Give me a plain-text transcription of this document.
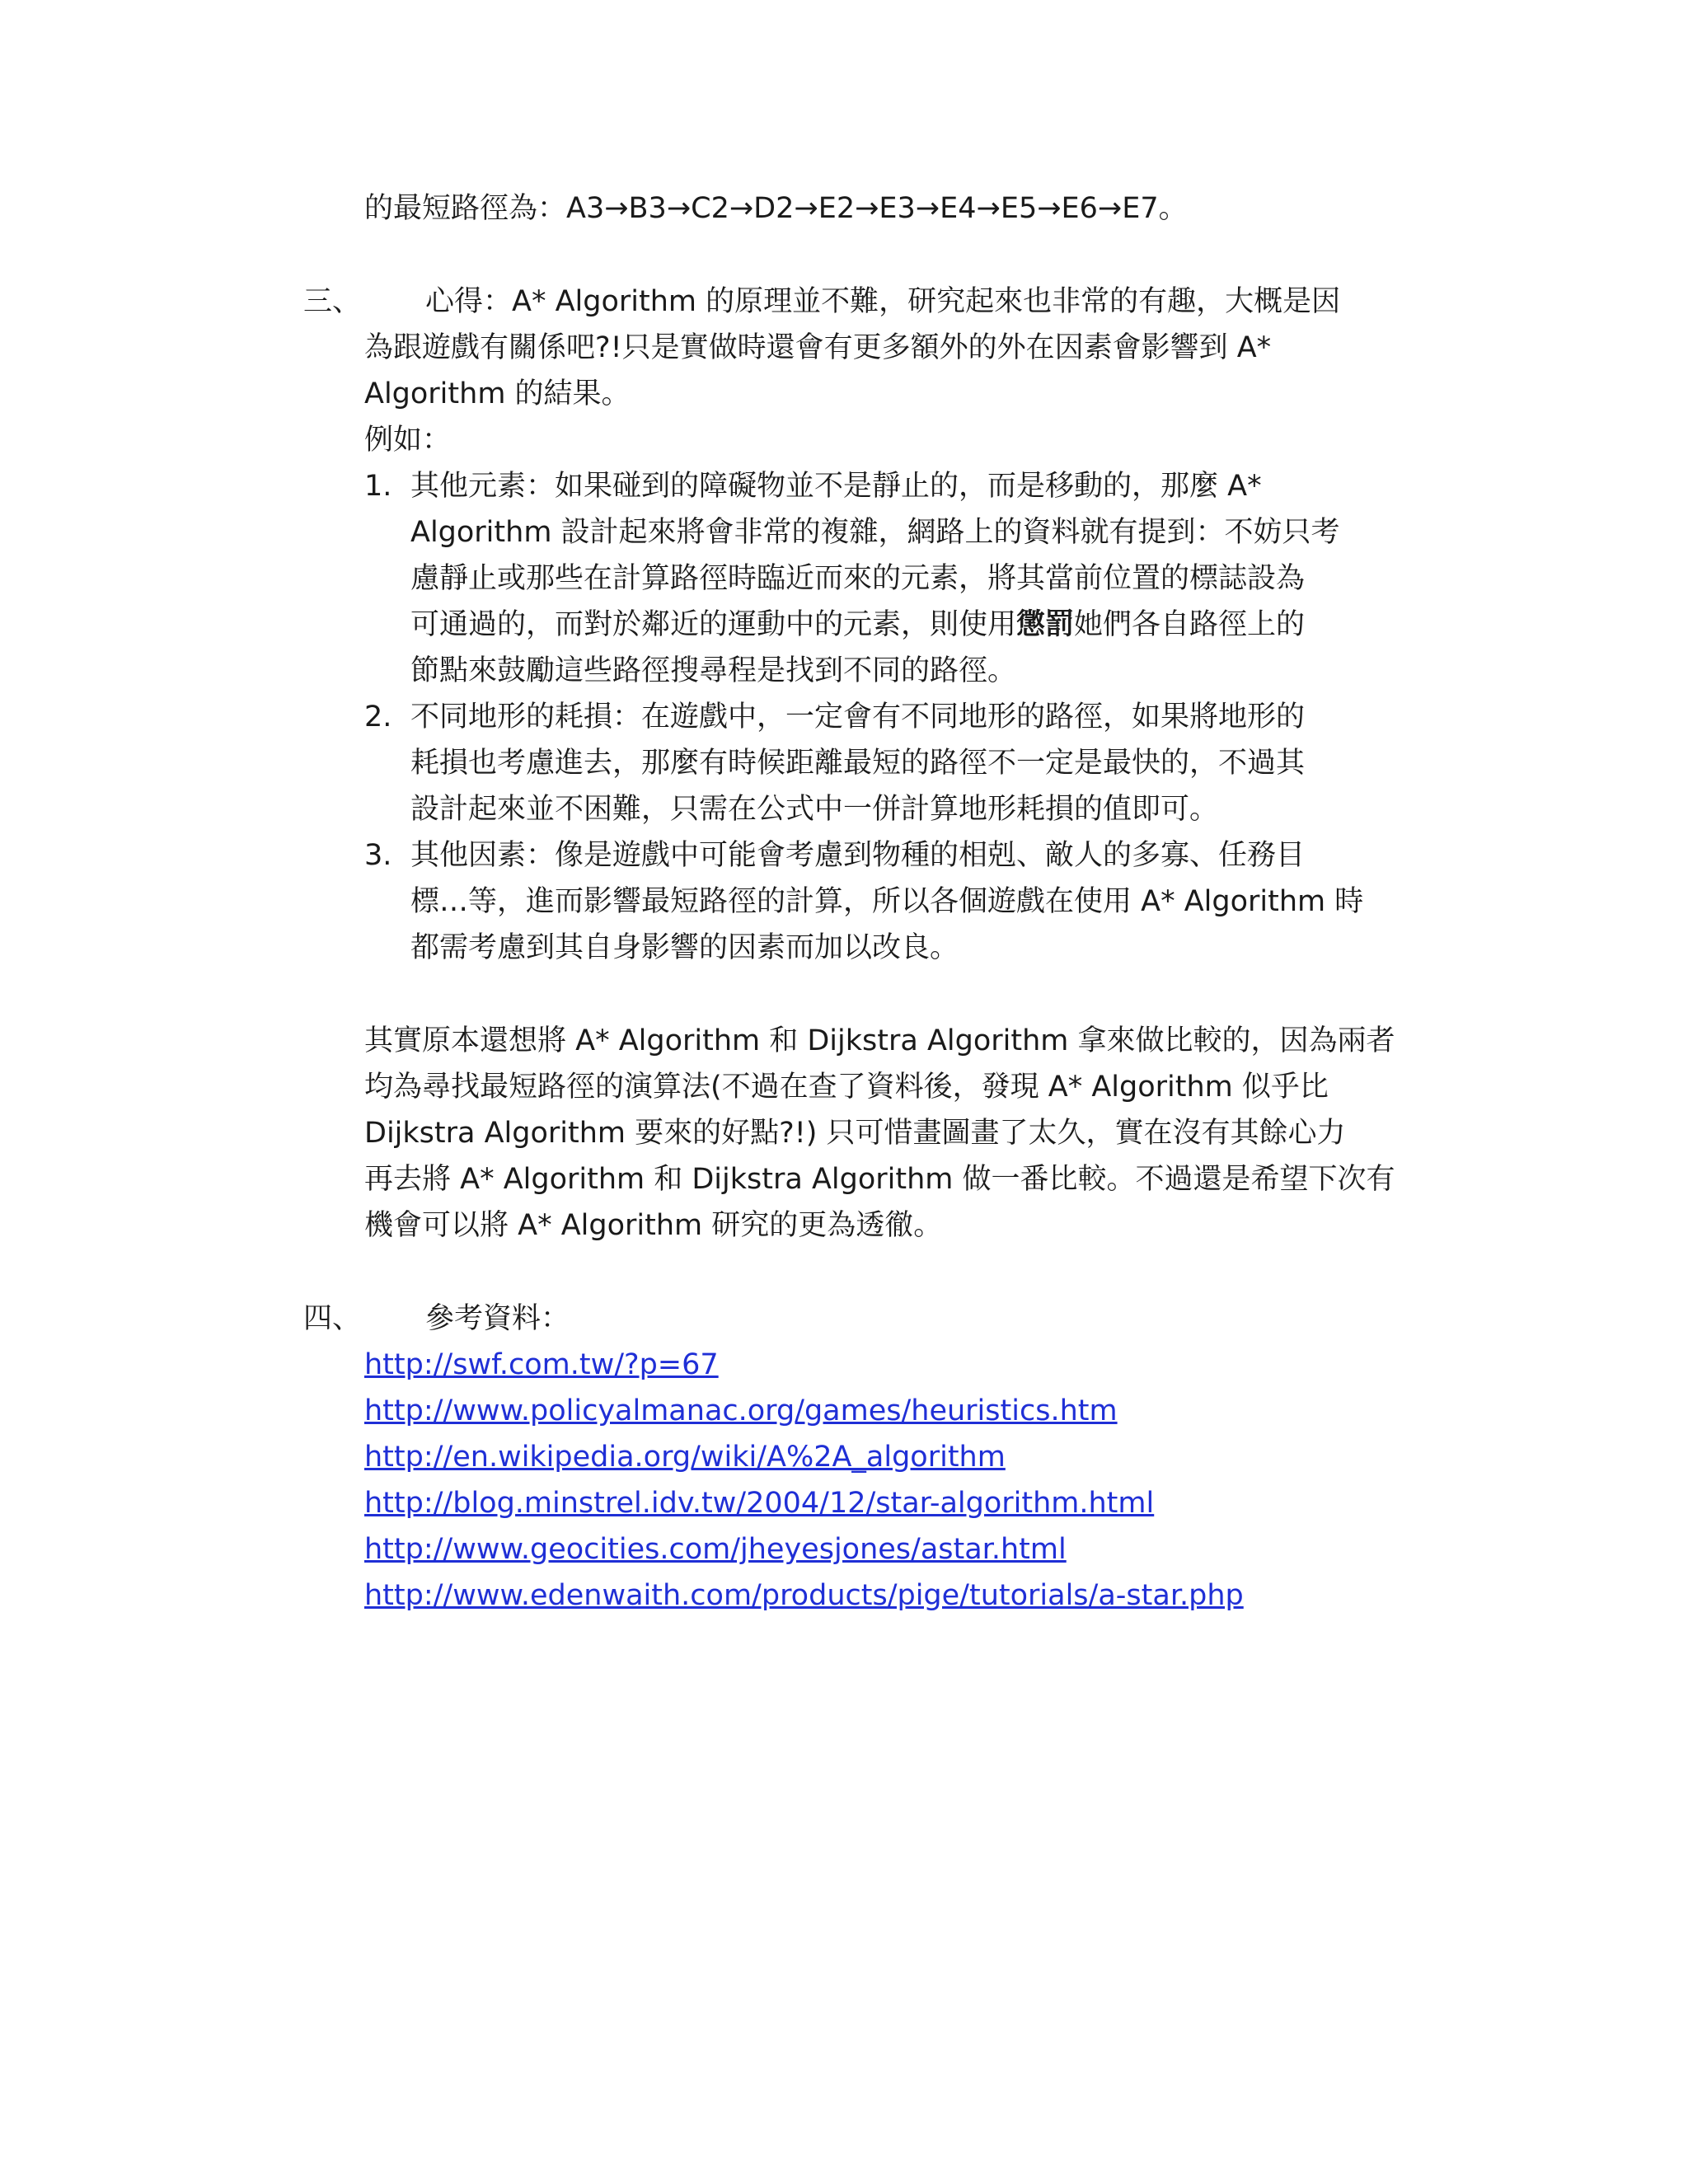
的最短路徑為：A3→B3→C2→D2→E2→E3→E4→E5→E6→E7。
三、 心得：A* Algorithm 的原理並不難，研究起來也非常的有趣，大概是因
為跟遊戲有關係吧?!只是實做時還會有更多額外的外在因素會影響到 A*
Algorithm 的結果。
例如：
1. 其他元素：如果碰到的障礙物並不是靜止的，而是移動的，那麼 A*
Algorithm 設計起來將會非常的複雜，網路上的資料就有提到：不妨只考
慮靜止或那些在計算路徑時臨近而來的元素，將其當前位置的標誌設為
可通過的，而對於鄰近的運動中的元素，則使用懲罰她們各自路徑上的
節點來鼓勵這些路徑搜尋程是找到不同的路徑。
2. 不同地形的耗損：在遊戲中，一定會有不同地形的路徑，如果將地形的
耗損也考慮進去，那麼有時候距離最短的路徑不一定是最快的，不過其
設計起來並不困難，只需在公式中一併計算地形耗損的值即可。
3. 其他因素：像是遊戲中可能會考慮到物種的相剋、敵人的多寡、任務目
標…等，進而影響最短路徑的計算，所以各個遊戲在使用 A* Algorithm 時
都需考慮到其自身影響的因素而加以改良。
其實原本還想將 A* Algorithm 和 Dijkstra Algorithm 拿來做比較的，因為兩者
均為尋找最短路徑的演算法(不過在查了資料後，發現 A* Algorithm 似乎比
Dijkstra Algorithm 要來的好點?!) 只可惜畫圖畫了太久，實在沒有其餘心力
再去將 A* Algorithm 和 Dijkstra Algorithm 做一番比較。不過還是希望下次有
機會可以將 A* Algorithm 研究的更為透徹。
四、 參考資料：
http://swf.com.tw/?p=67
http://www.policyalmanac.org/games/heuristics.htm
http://en.wikipedia.org/wiki/A%2A_algorithm
http://blog.minstrel.idv.tw/2004/12/star-algorithm.html
http://www.geocities.com/jheyesjones/astar.html
http://www.edenwaith.com/products/pige/tutorials/a-star.php
